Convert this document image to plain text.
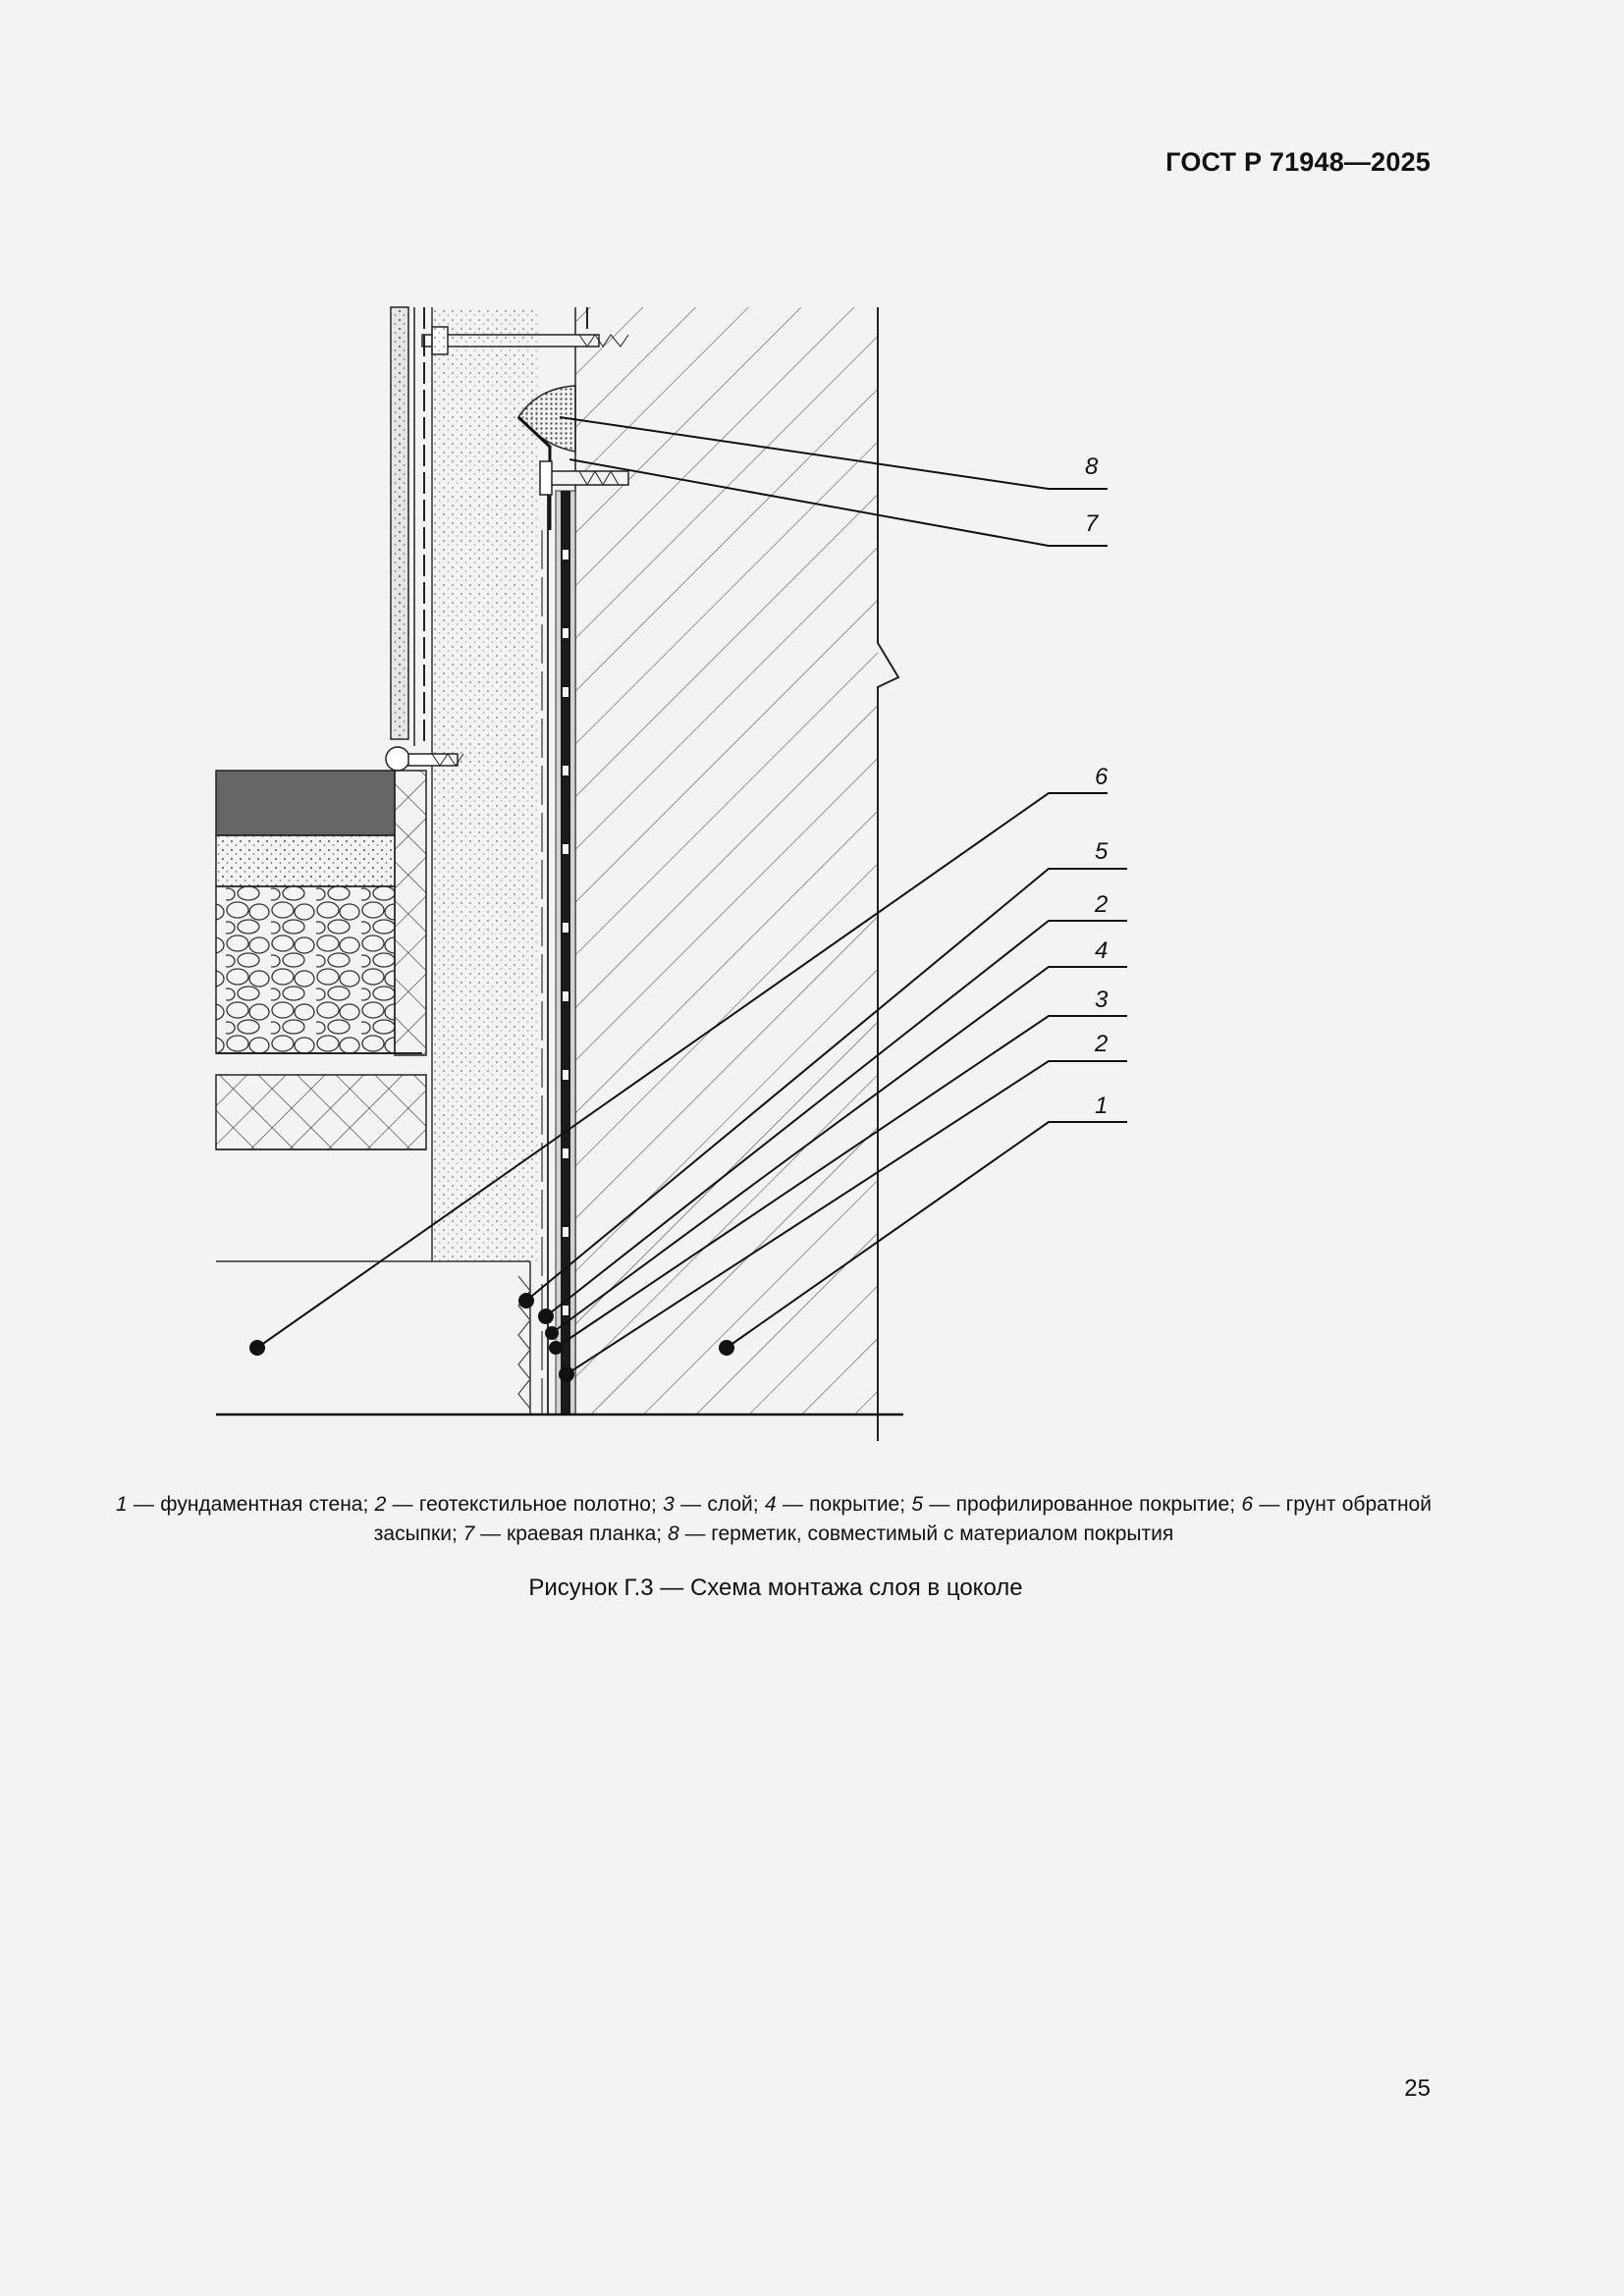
ГОСТ Р 71948—2025
8
7
6
5
2
4
3
2
1
1 — фундаментная стена; 2 — геотекстильное полотно; 3 — слой; 4 — покрытие; 5 — профилированное покрытие; 6 — грунт обратной засыпки; 7 — краевая планка; 8 — герметик, совместимый с материалом покрытия
Рисунок Г.3 — Схема монтажа слоя в цоколе
25
